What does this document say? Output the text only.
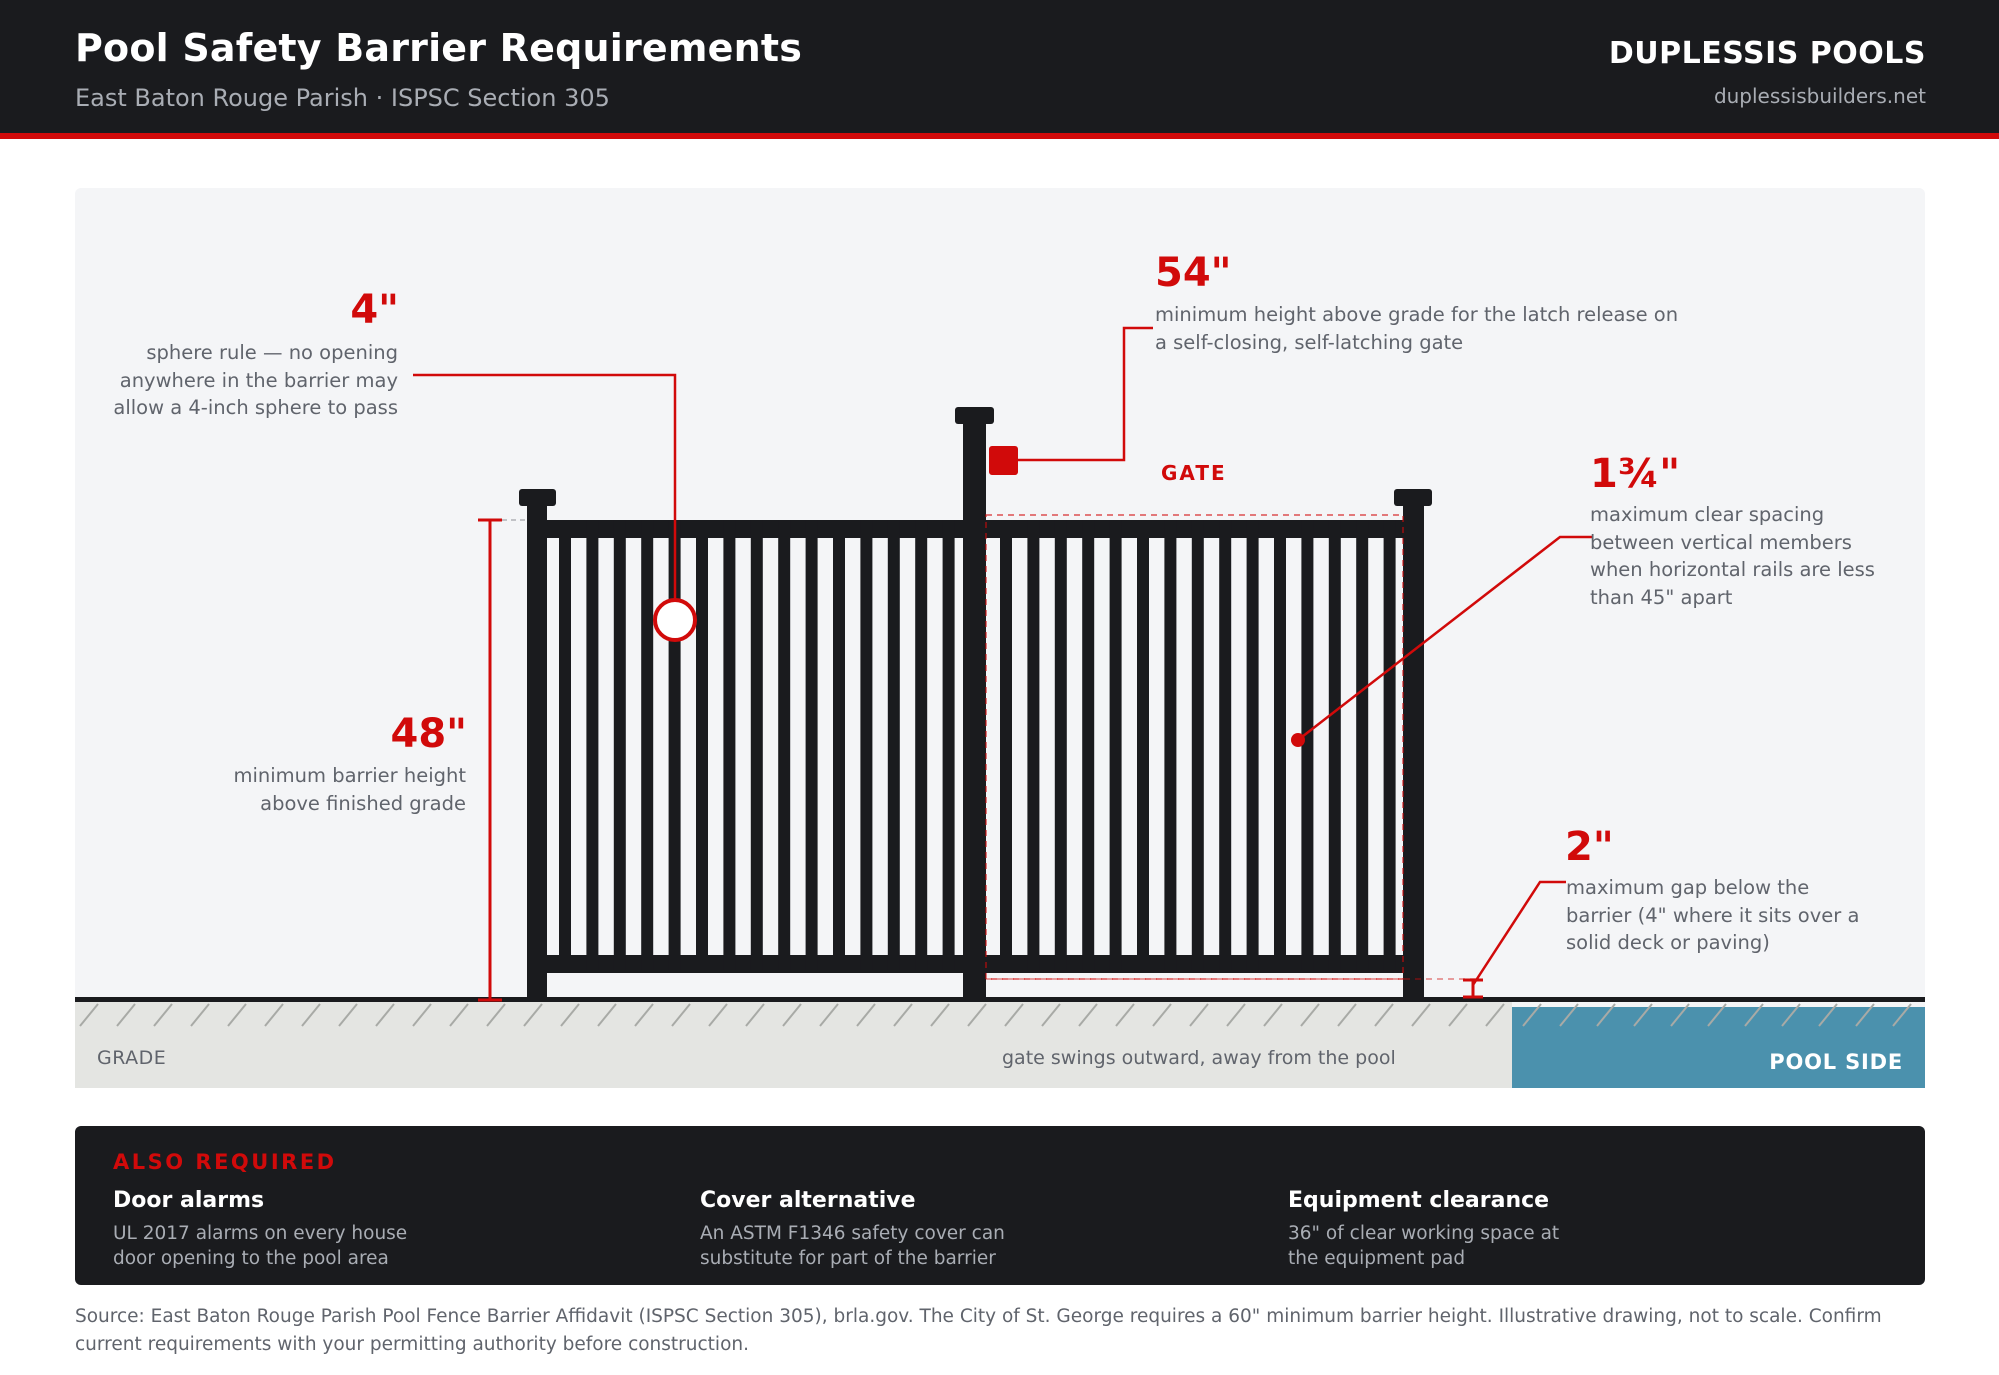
Pool Safety Barrier Requirements
East Baton Rouge Parish · ISPSC Section 305
DUPLESSIS POOLS
duplessisbuilders.net
4"
sphere rule — no opening anywhere in the barrier may allow a 4-inch sphere to pass
54"
minimum height above grade for the latch release on a self-closing, self-latching gate
1¾"
maximum clear spacing between vertical members when horizontal rails are less than 45" apart
48"
minimum barrier height above finished grade
2"
maximum gap below the barrier (4" where it sits over a solid deck or paving)
GATE
GRADE	gate swings outward, away from the pool	POOL SIDE
ALSO REQUIRED
Door alarms
UL 2017 alarms on every house door opening to the pool area
Cover alternative
An ASTM F1346 safety cover can substitute for part of the barrier
Equipment clearance
36" of clear working space at the equipment pad
Source: East Baton Rouge Parish Pool Fence Barrier Affidavit (ISPSC Section 305), brla.gov. The City of St. George requires a 60" minimum barrier height. Illustrative drawing, not to scale. Confirm current requirements with your permitting authority before construction.
